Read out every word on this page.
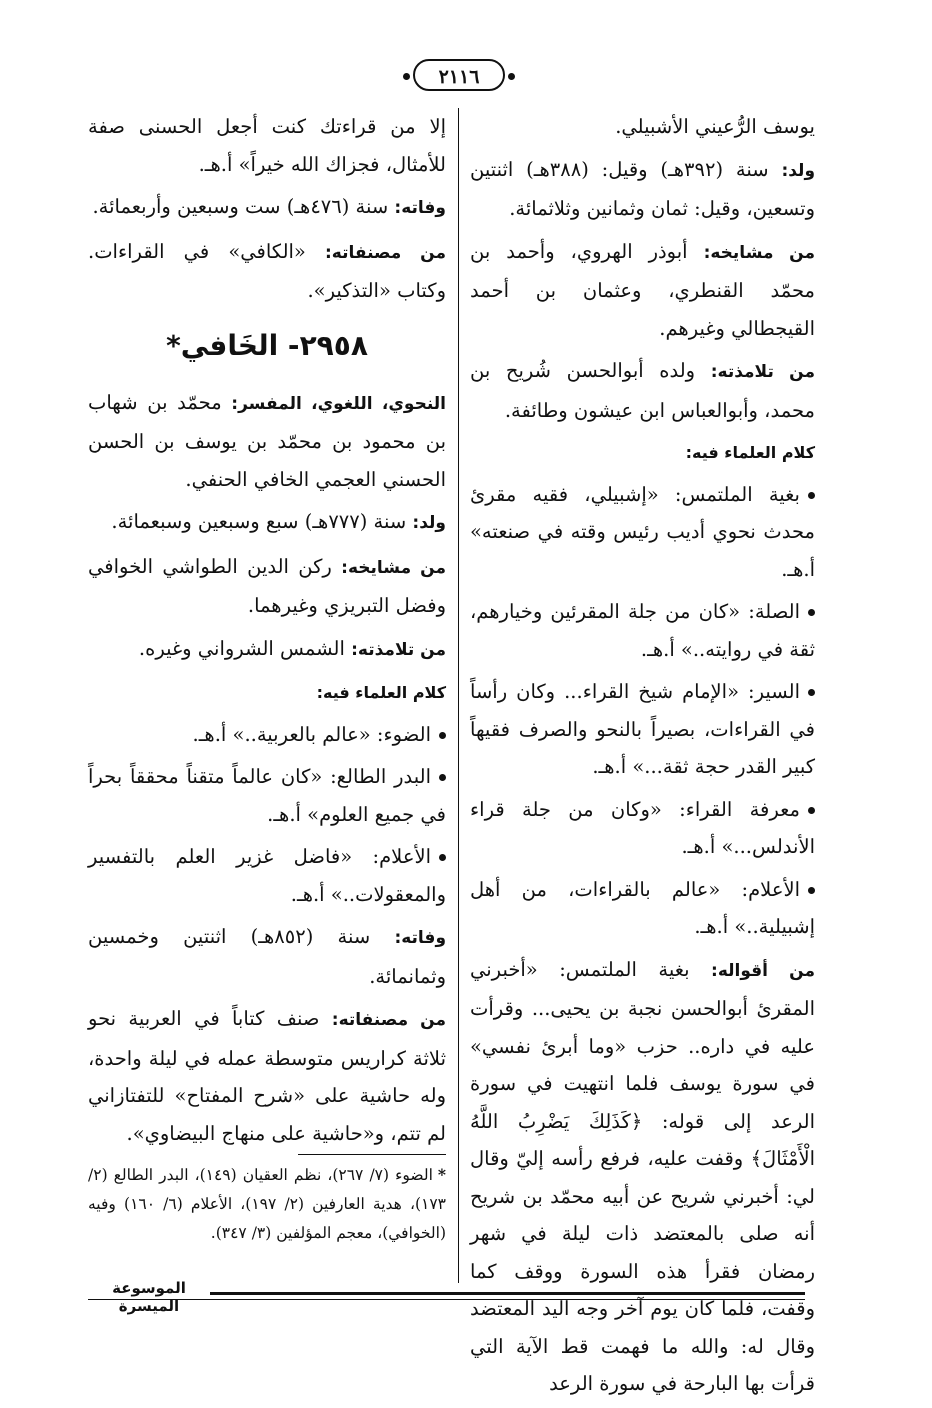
٢١١٦

يوسف الرُّعيني الأشبيلي.

ولد: سنة (٣٩٢هـ) وقيل: (٣٨٨هـ) اثنتين وتسعين، وقيل: ثمان وثمانين وثلاثمائة.

من مشايخه: أبوذر الهروي، وأحمد بن محمّد القنطري، وعثمان بن أحمد القيجطالي وغيرهم.

من تلامذته: ولده أبوالحسن شُريح بن محمد، وأبوالعباس ابن عيشون وطائفة.

كلام العلماء فيه:

بغية الملتمس: «إشبيلي، فقيه مقرئ محدث نحوي أديب رئيس وقته في صنعته» أ.هـ.

الصلة: «كان من جلة المقرئين وخيارهم، ثقة في روايته..» أ.هـ.

السير: «الإمام شيخ القراء... وكان رأساً في القراءات، بصيراً بالنحو والصرف فقيهاً كبير القدر حجة ثقة...» أ.هـ.

معرفة القراء: «وكان من جلة قراء الأندلس...» أ.هـ.

الأعلام: «عالم بالقراءات، من أهل إشبيلية..» أ.هـ.

من أقواله: بغية الملتمس: «أخبرني المقرئ أبوالحسن نجبة بن يحيى... وقرأت عليه في داره.. حزب «وما أبرئ نفسي» في سورة يوسف فلما انتهيت في سورة الرعد إلى قوله: ﴿كَذَلِكَ يَضْرِبُ اللَّهُ الْأَمْثَالَ﴾ وقفت عليه، فرفع رأسه إليّ وقال لي: أخبرني شريح عن أبيه محمّد بن شريح أنه صلى بالمعتضد ذات ليلة في شهر رمضان فقرأ هذه السورة ووقف كما وقفت، فلما كان يوم آخر وجه اليد المعتضد وقال له: والله ما فهمت قط الآية التي قرأت بها البارحة في سورة الرعد

إلا من قراءتك كنت أجعل الحسنى صفة للأمثال، فجزاك الله خيراً» أ.هـ.

وفاته: سنة (٤٧٦هـ) ست وسبعين وأربعمائة.

من مصنفاته: «الكافي» في القراءات. وكتاب «التذكير».

٢٩٥٨- الخَافي*

النحوي، اللغوي، المفسر: محمّد بن شهاب بن محمود بن محمّد بن يوسف بن الحسن الحسني العجمي الخافي الحنفي.

ولد: سنة (٧٧٧هـ) سبع وسبعين وسبعمائة.

من مشايخه: ركن الدين الطواشي الخوافي وفضل التبريزي وغيرهما.

من تلامذته: الشمس الشرواني وغيره.

كلام العلماء فيه:

الضوء: «عالم بالعربية..» أ.هـ.

البدر الطالع: «كان عالماً متقناً محققاً بحراً في جميع العلوم» أ.هـ.

الأعلام: «فاضل غزير العلم بالتفسير والمعقولات..» أ.هـ.

وفاته: سنة (٨٥٢هـ) اثنتين وخمسين وثمانمائة.

من مصنفاته: صنف كتاباً في العربية نحو ثلاثة كراريس متوسطة عمله في ليلة واحدة، وله حاشية على «شرح المفتاح» للتفتازاني لم تتم، و«حاشية على منهاج البيضاوي».

*الضوء (٧/ ٢٦٧)، نظم العقيان (١٤٩)، البدر الطالع (٢/ ١٧٣)، هدية العارفين (٢/ ١٩٧)، الأعلام (٦/ ١٦٠) وفيه (الخوافي)، معجم المؤلفين (٣/ ٣٤٧).
الموسوعة الميسرة
